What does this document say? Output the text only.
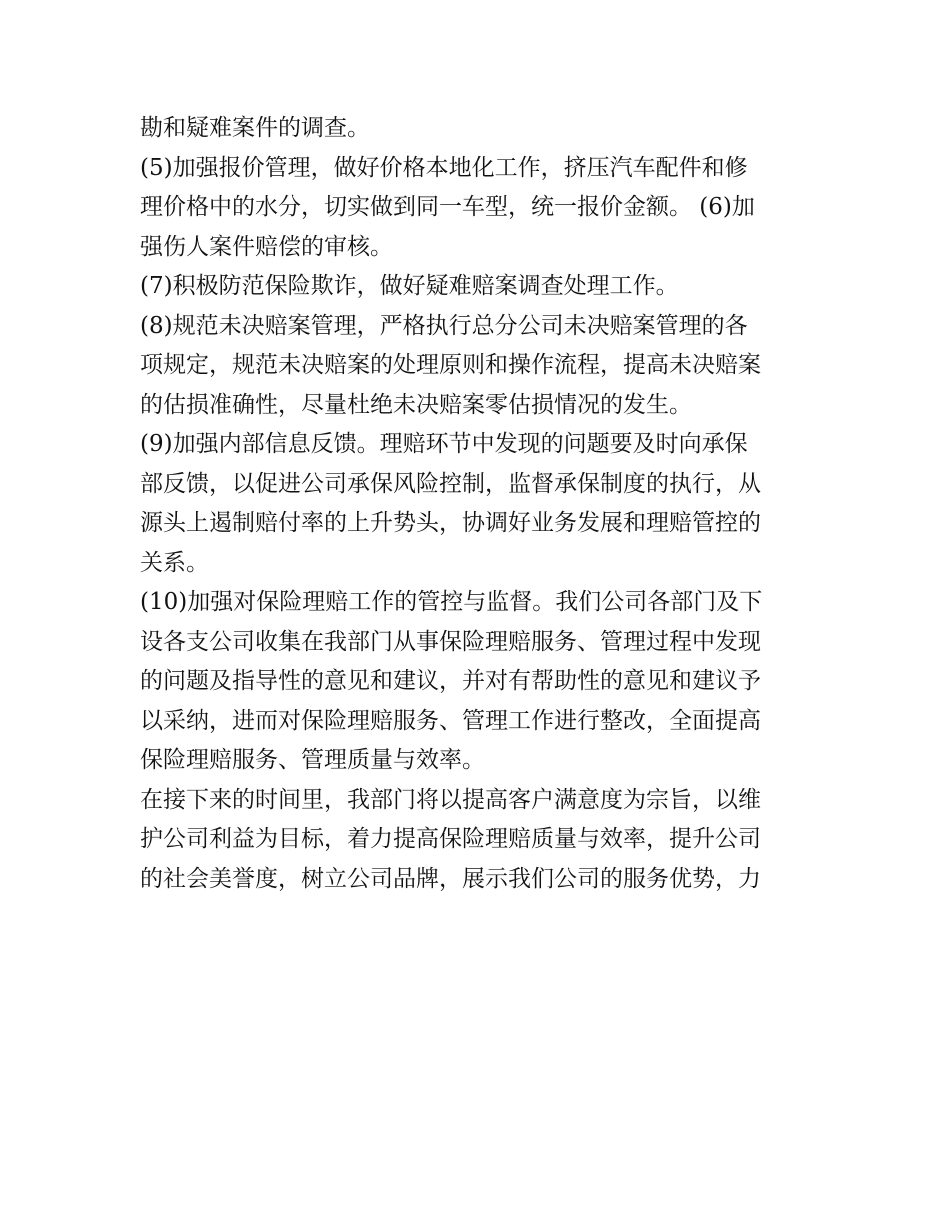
勘和疑难案件的调查。
(5)加强报价管理，做好价格本地化工作，挤压汽车配件和修
理价格中的水分，切实做到同一车型，统一报价金额。 (6)加
强伤人案件赔偿的审核。
(7)积极防范保险欺诈，做好疑难赔案调查处理工作。
(8)规范未决赔案管理，严格执行总分公司未决赔案管理的各
项规定，规范未决赔案的处理原则和操作流程，提高未决赔案
的估损准确性，尽量杜绝未决赔案零估损情况的发生。
(9)加强内部信息反馈。理赔环节中发现的问题要及时向承保
部反馈，以促进公司承保风险控制，监督承保制度的执行，从
源头上遏制赔付率的上升势头，协调好业务发展和理赔管控的
关系。
(10)加强对保险理赔工作的管控与监督。我们公司各部门及下
设各支公司收集在我部门从事保险理赔服务、管理过程中发现
的问题及指导性的意见和建议，并对有帮助性的意见和建议予
以采纳，进而对保险理赔服务、管理工作进行整改，全面提高
保险理赔服务、管理质量与效率。
在接下来的时间里，我部门将以提高客户满意度为宗旨，以维
护公司利益为目标，着力提高保险理赔质量与效率，提升公司
的社会美誉度，树立公司品牌，展示我们公司的服务优势，力
